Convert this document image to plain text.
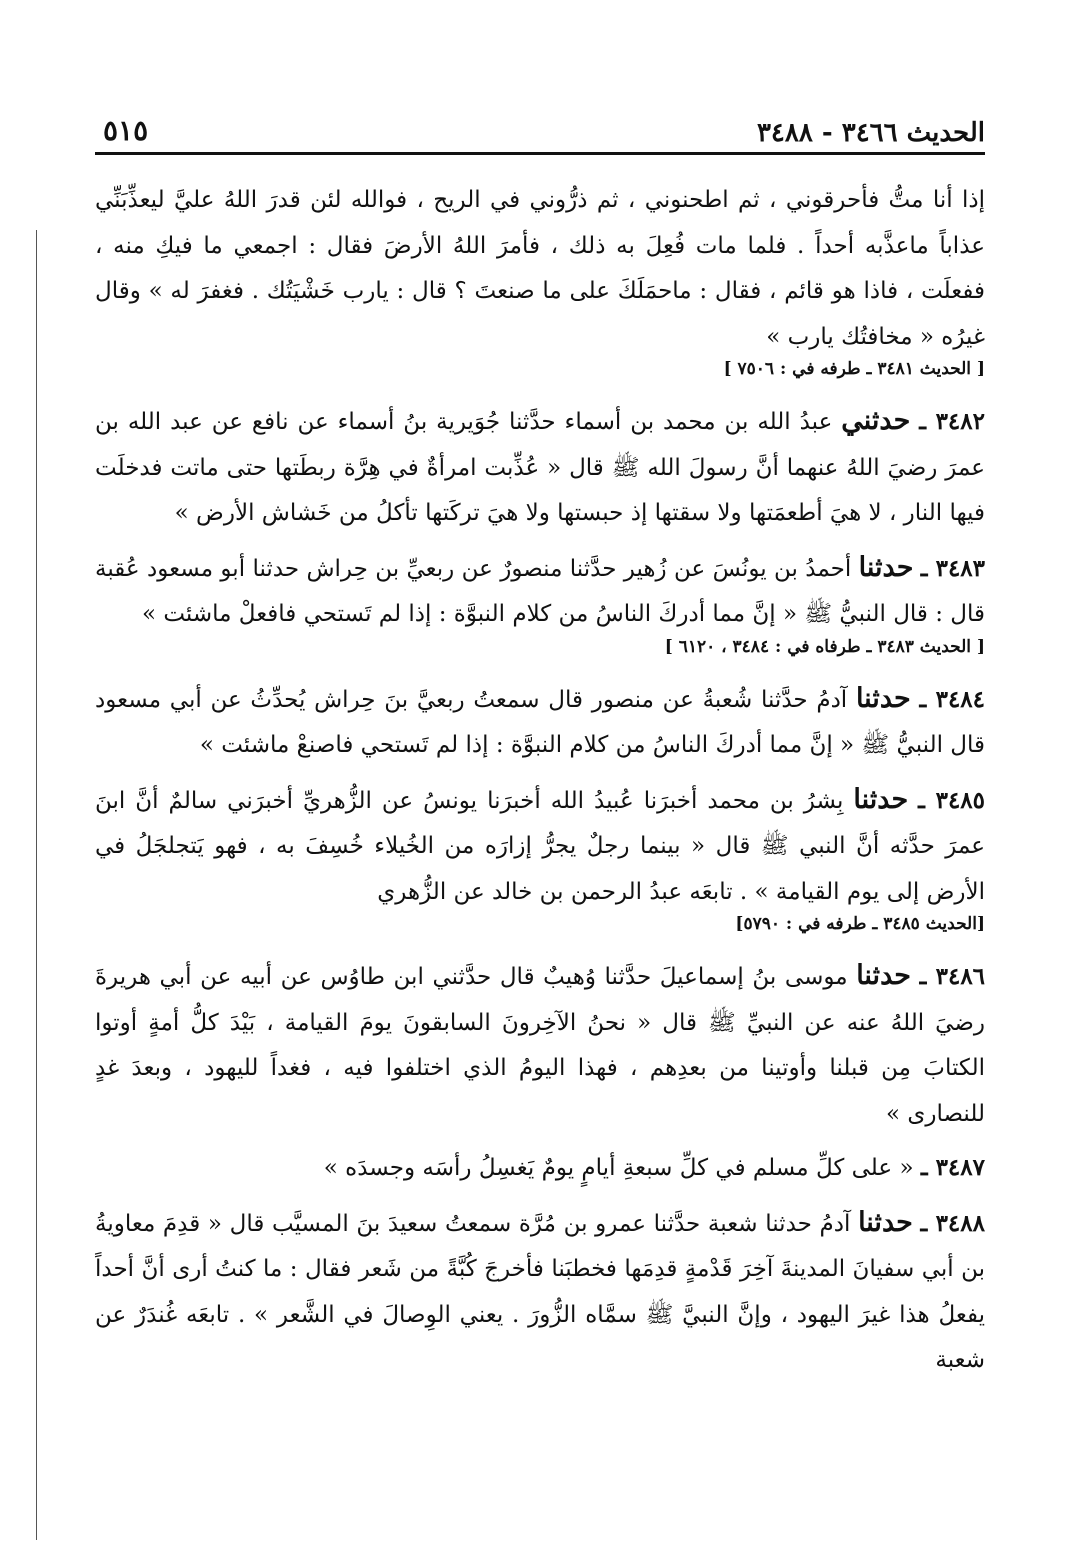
الحديث ٣٤٦٦ - ٣٤٨٨
٥١٥

إذا أنا متُّ فأحرقوني ، ثم اطحنوني ، ثم ذرُّوني في الريح ، فوالله لئن قدرَ اللهُ عليَّ ليعذِّبَنِّي عذاباً ماعذَّبه أحداً . فلما مات فُعِلَ به ذلك ، فأمرَ اللهُ الأرضَ فقال : اجمعي ما فيكِ منه ، ففعلَت ، فاذا هو قائم ، فقال : ماحمَلَكَ على ما صنعتَ ؟ قال : يارب خَشْيَتُك . فغفرَ له » وقال غيرُه « مخافتُك يارب »

[ الحديث ٣٤٨١ ـ طرفه في : ٧٥٠٦ ]

٣٤٨٢ ـ حدثني عبدُ الله بن محمد بن أسماء حدَّثنا جُوَيرية بنُ أسماء عن نافع عن عبد الله بن عمرَ رضيَ اللهُ عنهما أنَّ رسولَ الله ﷺ قال « عُذِّبت امرأةٌ في هِرَّة ربطَتها حتى ماتت فدخلَت فيها النار ، لا هيَ أطعمَتها ولا سقتها إذ حبستها ولا هيَ تركَتها تأكلُ من خَشاش الأرض »

٣٤٨٣ ـ حدثنا أحمدُ بن يونُسَ عن زُهير حدَّثنا منصورٌ عن ربعيِّ بن حِراش حدثنا أبو مسعود عُقبة قال : قال النبيُّ ﷺ « إنَّ مما أدركَ الناسُ من كلام النبوَّة : إذا لم تَستحي فافعلْ ماشئت »

[ الحديث ٣٤٨٣ ـ طرفاه في : ٣٤٨٤ ، ٦١٢٠ ]

٣٤٨٤ ـ حدثنا آدمُ حدَّثنا شُعبةُ عن منصور قال سمعتُ ربعيَّ بنَ حِراش يُحدِّثُ عن أبي مسعود قال النبيُّ ﷺ « إنَّ مما أدركَ الناسُ من كلام النبوَّة : إذا لم تَستحي فاصنعْ ماشئت »

٣٤٨٥ ـ حدثنا بِشرُ بن محمد أخبرَنا عُبيدُ الله أخبرَنا يونسُ عن الزُّهريِّ أخبرَني سالمٌ أنَّ ابنَ عمرَ حدَّثه أنَّ النبي ﷺ قال « بينما رجلٌ يجرُّ إزارَه من الخُيلاء خُسِفَ به ، فهو يَتجلجَلُ في الأرض إلى يوم القيامة » . تابعَه عبدُ الرحمن بن خالد عن الزُّهري

[الحديث ٣٤٨٥ ـ طرفه في : ٥٧٩٠]

٣٤٨٦ ـ حدثنا موسى بنُ إسماعيلَ حدَّثنا وُهيبٌ قال حدَّثني ابن طاوُس عن أبيه عن أبي هريرةَ رضيَ اللهُ عنه عن النبيِّ ﷺ قال « نحنُ الآخِرونَ السابقونَ يومَ القيامة ، بَيْدَ كلُّ أمةٍ أوتوا الكتابَ مِن قبلنا وأوتينا من بعدِهم ، فهذا اليومُ الذي اختلفوا فيه ، فغداً لليهود ، وبعدَ غدٍ للنصارى »

٣٤٨٧ ـ « على كلِّ مسلم في كلِّ سبعةِ أيامٍ يومٌ يَغسِلُ رأسَه وجسدَه »

٣٤٨٨ ـ حدثنا آدمُ حدثنا شعبة حدَّثنا عمرو بن مُرَّة سمعتُ سعيدَ بنَ المسيَّب قال « قدِمَ معاويةُ بن أبي سفيانَ المدينةَ آخِرَ قَدْمةٍ قدِمَها فخطبَنا فأخرجَ كُبَّةً من شَعر فقال : ما كنتُ أرى أنَّ أحداً يفعلُ هذا غيرَ اليهود ، وإنَّ النبيَّ ﷺ سمَّاه الزُّورَ . يعني الوِصالَ في الشَّعر » . تابعَه غُندَرٌ عن شعبة
